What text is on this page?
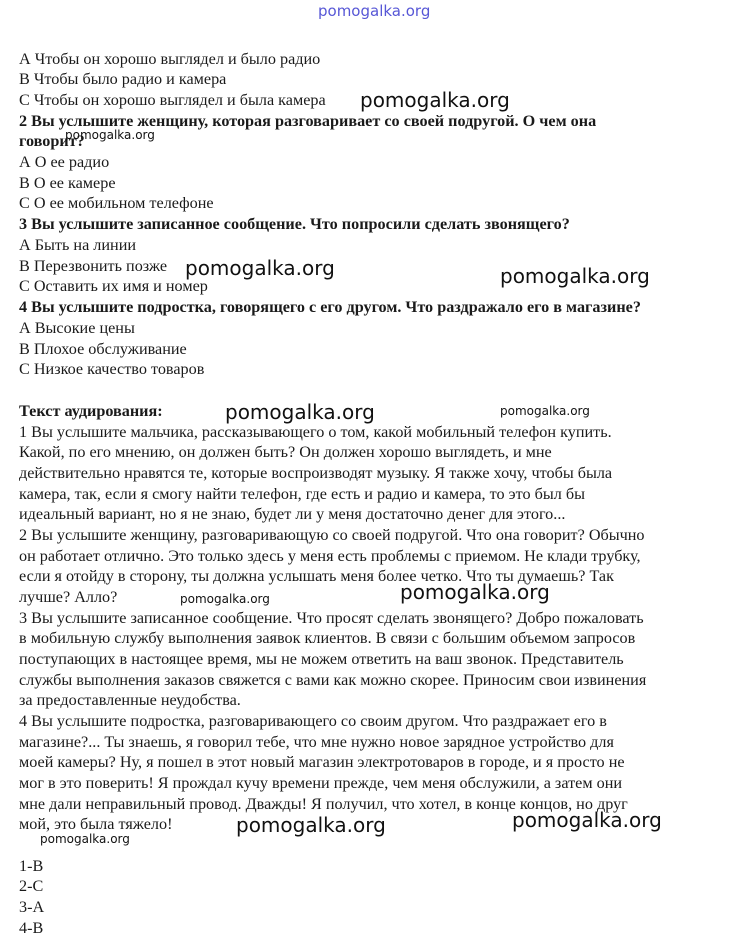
pomogalka.org
А Чтобы он хорошо выглядел и было радио
В Чтобы было радио и камера
С Чтобы он хорошо выглядел и была камера
2 Вы услышите женщину, которая разговаривает со своей подругой. О чем она
говорит?
А О ее радио
В О ее камере
С О ее мобильном телефоне
3 Вы услышите записанное сообщение. Что попросили сделать звонящего?
А Быть на линии
В Перезвонить позже
С Оставить их имя и номер
4 Вы услышите подростка, говорящего с его другом. Что раздражало его в магазине?
А Высокие цены
В Плохое обслуживание
С Низкое качество товаров
Текст аудирования:
1 Вы услышите мальчика, рассказывающего о том, какой мобильный телефон купить.
Какой, по его мнению, он должен быть? Он должен хорошо выглядеть, и мне
действительно нравятся те, которые воспроизводят музыку. Я также хочу, чтобы была
камера, так, если я смогу найти телефон, где есть и радио и камера, то это был бы
идеальный вариант, но я не знаю, будет ли у меня достаточно денег для этого...
2 Вы услышите женщину, разговаривающую со своей подругой. Что она говорит? Обычно
он работает отлично. Это только здесь у меня есть проблемы с приемом. Не клади трубку,
если я отойду в сторону, ты должна услышать меня более четко. Что ты думаешь? Так
лучше? Алло?
3 Вы услышите записанное сообщение. Что просят сделать звонящего? Добро пожаловать
в мобильную службу выполнения заявок клиентов. В связи с большим объемом запросов
поступающих в настоящее время, мы не можем ответить на ваш звонок. Представитель
службы выполнения заказов свяжется с вами как можно скорее. Приносим свои извинения
за предоставленные неудобства.
4 Вы услышите подростка, разговаривающего со своим другом. Что раздражает его в
магазине?... Ты знаешь, я говорил тебе, что мне нужно новое зарядное устройство для
моей камеры? Ну, я пошел в этот новый магазин электротоваров в городе, и я просто не
мог в это поверить! Я прождал кучу времени прежде, чем меня обслужили, а затем они
мне дали неправильный провод. Дважды! Я получил, что хотел, в конце концов, но друг
мой, это была тяжело!
1-В
2-С
3-А
4-В
pomogalka.org
pomogalka.org
pomogalka.org	pomogalka.org
pomogalka.org	pomogalka.org
pomogalka.org
pomogalka.org
pomogalka.org
pomogalka.org
pomogalka.org
